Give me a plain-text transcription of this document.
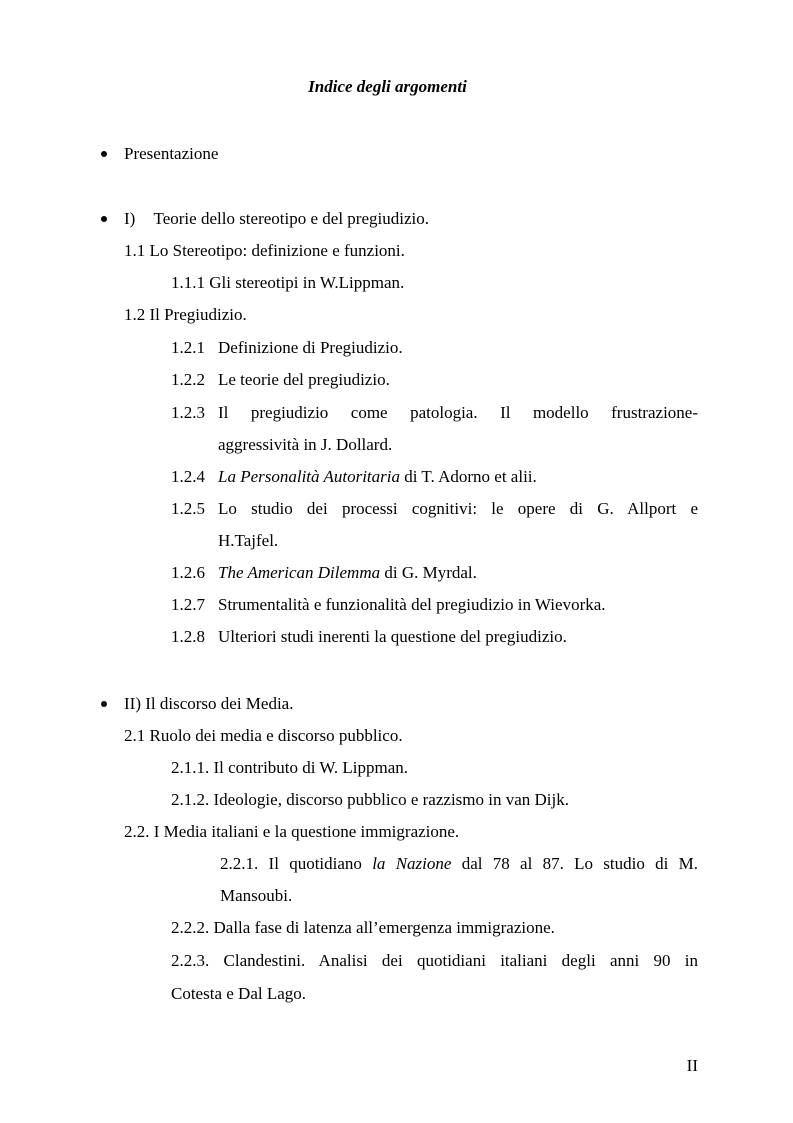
Indice degli argomenti
Presentazione
I) Teorie dello stereotipo e del pregiudizio.
1.1 Lo Stereotipo: definizione e funzioni.
1.1.1 Gli stereotipi in W.Lippman.
1.2 Il Pregiudizio.
1.2.1 Definizione di Pregiudizio.
1.2.2 Le teorie del pregiudizio.
1.2.3 Il pregiudizio come patologia. Il modello frustrazione-
aggressività in J. Dollard.
1.2.4 La Personalità Autoritaria di T. Adorno et alii.
1.2.5 Lo studio dei processi cognitivi: le opere di G. Allport e
H.Tajfel.
1.2.6 The American Dilemma di G. Myrdal.
1.2.7 Strumentalità e funzionalità del pregiudizio in Wievorka.
1.2.8 Ulteriori studi inerenti la questione del pregiudizio.
II) Il discorso dei Media.
2.1 Ruolo dei media e discorso pubblico.
2.1.1. Il contributo di W. Lippman.
2.1.2. Ideologie, discorso pubblico e razzismo in van Dijk.
2.2. I Media italiani e la questione immigrazione.
2.2.1. Il quotidiano la Nazione dal 78 al 87. Lo studio di M.
Mansoubi.
2.2.2. Dalla fase di latenza all’emergenza immigrazione.
2.2.3. Clandestini. Analisi dei quotidiani italiani degli anni 90 in
Cotesta e Dal Lago.
II
